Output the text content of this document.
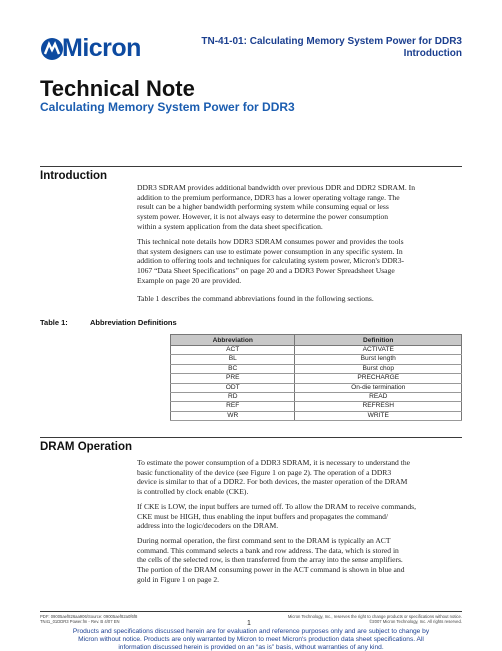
Micron	TN-41-01: Calculating Memory System Power for DDR3
Introduction
Technical Note
Calculating Memory System Power for DDR3
Introduction
DDR3 SDRAM provides additional bandwidth over previous DDR and DDR2 SDRAM. In
addition to the premium performance, DDR3 has a lower operating voltage range. The
result can be a higher bandwidth performing system while consuming equal or less
system power. However, it is not always easy to determine the power consumption
within a system application from the data sheet specification.
This technical note details how DDR3 SDRAM consumes power and provides the tools
that system designers can use to estimate power consumption in any specific system. In
addition to offering tools and techniques for calculating system power, Micron's DDR3-
1067 “Data Sheet Specifications” on page 20 and a DDR3 Power Spreadsheet Usage
Example on page 20 are provided.
Table 1 describes the command abbreviations found in the following sections.
Table 1:	Abbreviation Definitions
Abbreviation	Definition
ACT	ACTIVATE
BL	Burst length
BC	Burst chop
PRE	PRECHARGE
ODT	On-die termination
RD	READ
REF	REFRESH
WR	WRITE
DRAM Operation
To estimate the power consumption of a DDR3 SDRAM, it is necessary to understand the
basic functionality of the device (see Figure 1 on page 2). The operation of a DDR3
device is similar to that of a DDR2. For both devices, the master operation of the DRAM
is controlled by clock enable (CKE).
If CKE is LOW, the input buffers are turned off. To allow the DRAM to receive commands,
CKE must be HIGH, thus enabling the input buffers and propagates the command/
address into the logic/decoders on the DRAM.
During normal operation, the first command sent to the DRAM is typically an ACT
command. This command selects a bank and row address. The data, which is stored in
the cells of the selected row, is then transferred from the array into the sense amplifiers.
The portion of the DRAM consuming power in the ACT command is shown in blue and
gold in Figure 1 on page 2.
PDF: 09005aef826aa906/Source: 09005aef82a0f6f8
TN41_01DDR3 Power.fm - Rev. B 4/07 EN	1
Micron Technology, Inc., reserves the right to change products or specifications without notice.
©2007 Micron Technology, Inc. All rights reserved.
Products and specifications discussed herein are for evaluation and reference purposes only and are subject to change by
Micron without notice. Products are only warranted by Micron to meet Micron's production data sheet specifications. All
information discussed herein is provided on an “as is” basis, without warranties of any kind.
